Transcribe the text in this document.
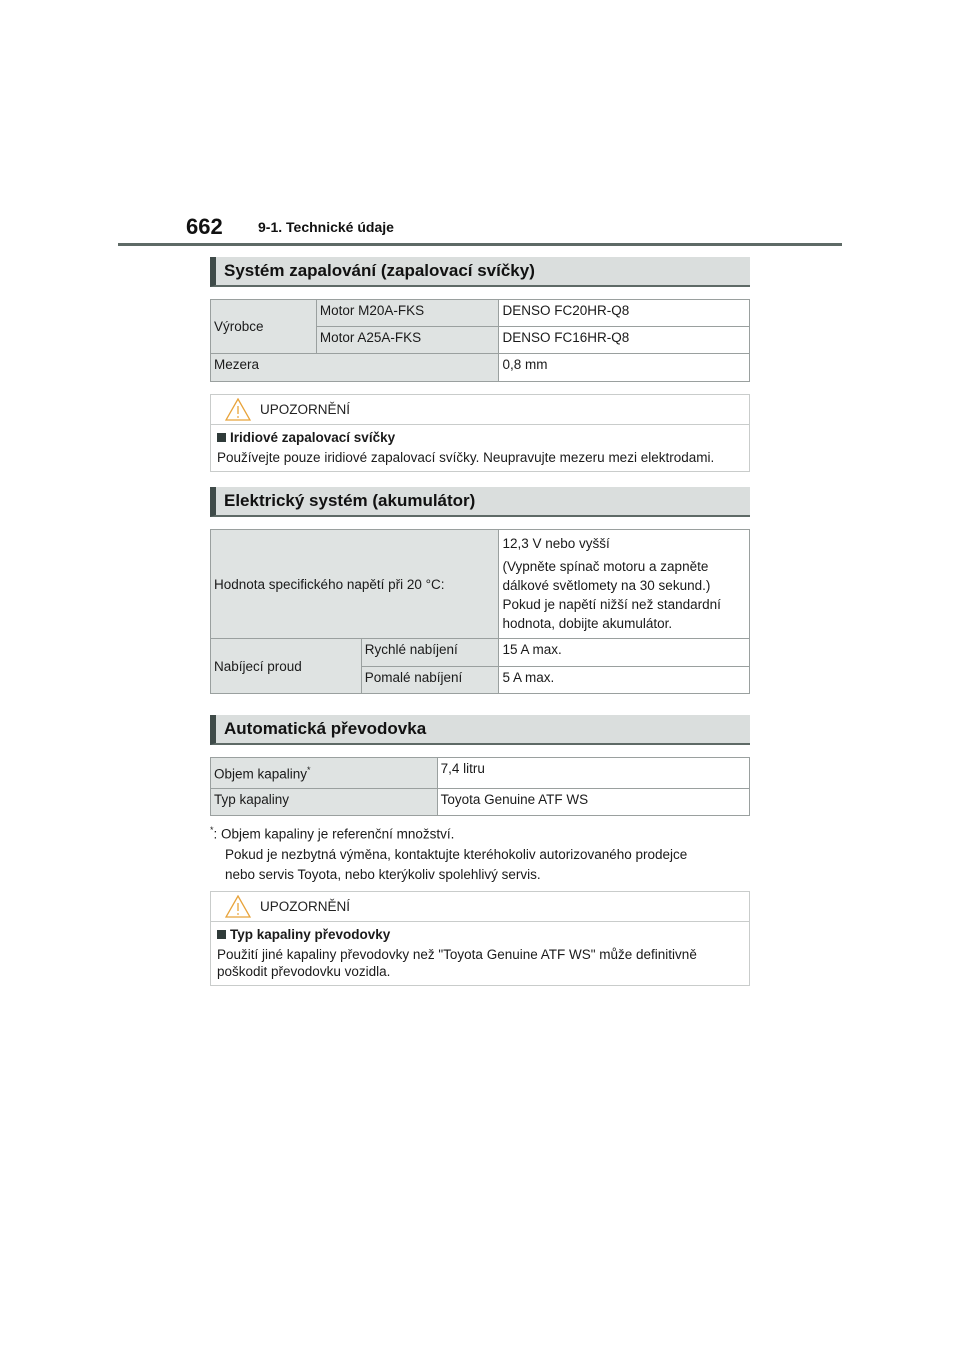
662	9-1. Technické údaje
Systém zapalování (zapalovací svíčky)
Výrobce	Motor M20A-FKS	DENSO FC20HR-Q8
	Motor A25A-FKS	DENSO FC16HR-Q8
Mezera		0,8 mm
UPOZORNĚNÍ
Iridiové zapalovací svíčky
Používejte pouze iridiové zapalovací svíčky. Neupravujte mezeru mezi elektrodami.
Elektrický systém (akumulátor)
Hodnota specifického napětí při 20 °C:		12,3 V nebo vyšší
(Vypněte spínač motoru a zapněte dálkové světlomety na 30 sekund.)
Pokud je napětí nižší než standardní hodnota, dobijte akumulátor.

Nabíjecí proud	Rychlé nabíjení	15 A max.
	Pomalé nabíjení	5 A max.
Automatická převodovka
Objem kapaliny*	7,4 litru
Typ kapaliny	Toyota Genuine ATF WS
*: Objem kapaliny je referenční množství.
Pokud je nezbytná výměna, kontaktujte kteréhokoliv autorizovaného prodejce
nebo servis Toyota, nebo kterýkoliv spolehlivý servis.
UPOZORNĚNÍ
Typ kapaliny převodovky
Použití jiné kapaliny převodovky než "Toyota Genuine ATF WS" může definitivně poškodit převodovku vozidla.
